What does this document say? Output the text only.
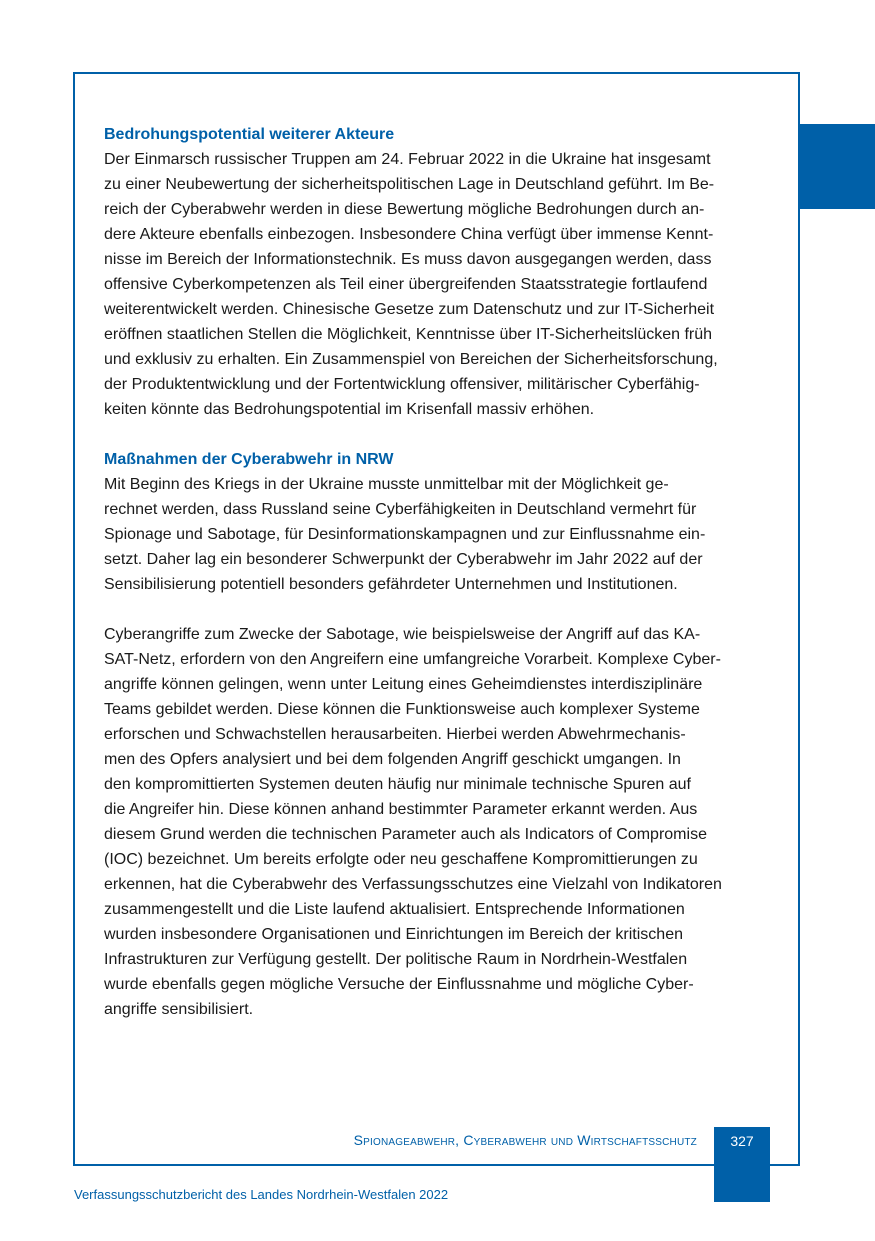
Bedrohungspotential weiterer Akteure

Der Einmarsch russischer Truppen am 24. Februar 2022 in die Ukraine hat insgesamt
zu einer Neubewertung der sicherheitspolitischen Lage in Deutschland geführt. Im Be-
reich der Cyberabwehr werden in diese Bewertung mögliche Bedrohungen durch an-
dere Akteure ebenfalls einbezogen. Insbesondere China verfügt über immense Kennt-
nisse im Bereich der Informationstechnik. Es muss davon ausgegangen werden, dass
offensive Cyberkompetenzen als Teil einer übergreifenden Staatsstrategie fortlaufend
weiterentwickelt werden. Chinesische Gesetze zum Datenschutz und zur IT-Sicherheit
eröffnen staatlichen Stellen die Möglichkeit, Kenntnisse über IT-Sicherheitslücken früh
und exklusiv zu erhalten. Ein Zusammenspiel von Bereichen der Sicherheitsforschung,
der Produktentwicklung und der Fortentwicklung offensiver, militärischer Cyberfähig-
keiten könnte das Bedrohungspotential im Krisenfall massiv erhöhen.

Maßnahmen der Cyberabwehr in NRW

Mit Beginn des Kriegs in der Ukraine musste unmittelbar mit der Möglichkeit ge-
rechnet werden, dass Russland seine Cyberfähigkeiten in Deutschland vermehrt für
Spionage und Sabotage, für Desinformationskampagnen und zur Einflussnahme ein-
setzt. Daher lag ein besonderer Schwerpunkt der Cyberabwehr im Jahr 2022 auf der
Sensibilisierung potentiell besonders gefährdeter Unternehmen und Institutionen.

Cyberangriffe zum Zwecke der Sabotage, wie beispielsweise der Angriff auf das KA-
SAT-Netz, erfordern von den Angreifern eine umfangreiche Vorarbeit. Komplexe Cyber-
angriffe können gelingen, wenn unter Leitung eines Geheimdienstes interdisziplinäre
Teams gebildet werden. Diese können die Funktionsweise auch komplexer Systeme
erforschen und Schwachstellen herausarbeiten. Hierbei werden Abwehrmechanis-
men des Opfers analysiert und bei dem folgenden Angriff geschickt umgangen. In
den kompromittierten Systemen deuten häufig nur minimale technische Spuren auf
die Angreifer hin. Diese können anhand bestimmter Parameter erkannt werden. Aus
diesem Grund werden die technischen Parameter auch als Indicators of Compromise
(IOC) bezeichnet. Um bereits erfolgte oder neu geschaffene Kompromittierungen zu
erkennen, hat die Cyberabwehr des Verfassungsschutzes eine Vielzahl von Indikatoren
zusammengestellt und die Liste laufend aktualisiert. Entsprechende Informationen
wurden insbesondere Organisationen und Einrichtungen im Bereich der kritischen
Infrastrukturen zur Verfügung gestellt. Der politische Raum in Nordrhein-Westfalen
wurde ebenfalls gegen mögliche Versuche der Einflussnahme und mögliche Cyber-
angriffe sensibilisiert.

Spionageabwehr, Cyberabwehr und Wirtschaftsschutz	327
Verfassungsschutzbericht des Landes Nordrhein-Westfalen 2022
